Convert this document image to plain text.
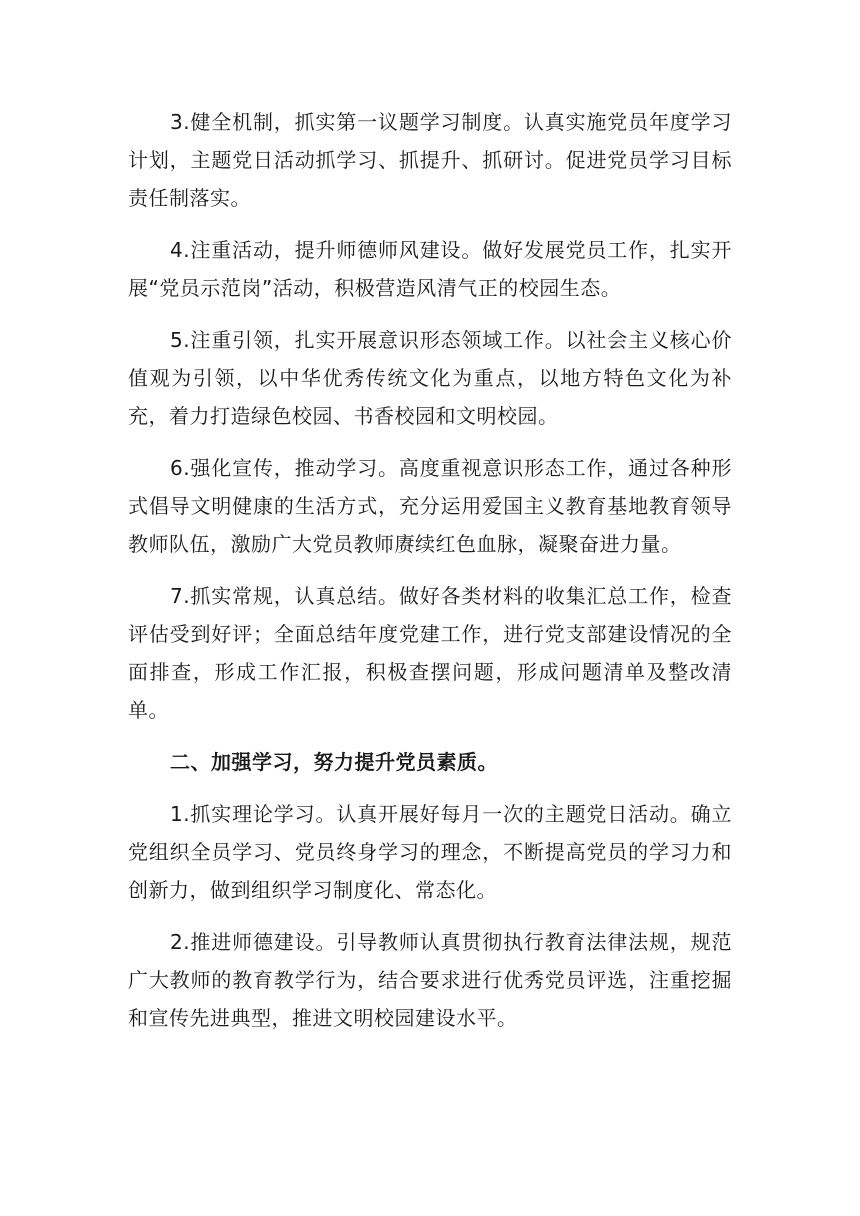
3.健全机制，抓实第一议题学习制度。认真实施党员年度学习计划，主题党日活动抓学习、抓提升、抓研讨。促进党员学习目标责任制落实。

4.注重活动，提升师德师风建设。做好发展党员工作，扎实开展“党员示范岗”活动，积极营造风清气正的校园生态。

5.注重引领，扎实开展意识形态领域工作。以社会主义核心价值观为引领，以中华优秀传统文化为重点，以地方特色文化为补充，着力打造绿色校园、书香校园和文明校园。

6.强化宣传，推动学习。高度重视意识形态工作，通过各种形式倡导文明健康的生活方式，充分运用爱国主义教育基地教育领导教师队伍，激励广大党员教师赓续红色血脉，凝聚奋进力量。

7.抓实常规，认真总结。做好各类材料的收集汇总工作，检查评估受到好评；全面总结年度党建工作，进行党支部建设情况的全面排查，形成工作汇报，积极查摆问题，形成问题清单及整改清单。

二、加强学习，努力提升党员素质。

1.抓实理论学习。认真开展好每月一次的主题党日活动。确立党组织全员学习、党员终身学习的理念，不断提高党员的学习力和创新力，做到组织学习制度化、常态化。

2.推进师德建设。引导教师认真贯彻执行教育法律法规，规范广大教师的教育教学行为，结合要求进行优秀党员评选，注重挖掘和宣传先进典型，推进文明校园建设水平。
